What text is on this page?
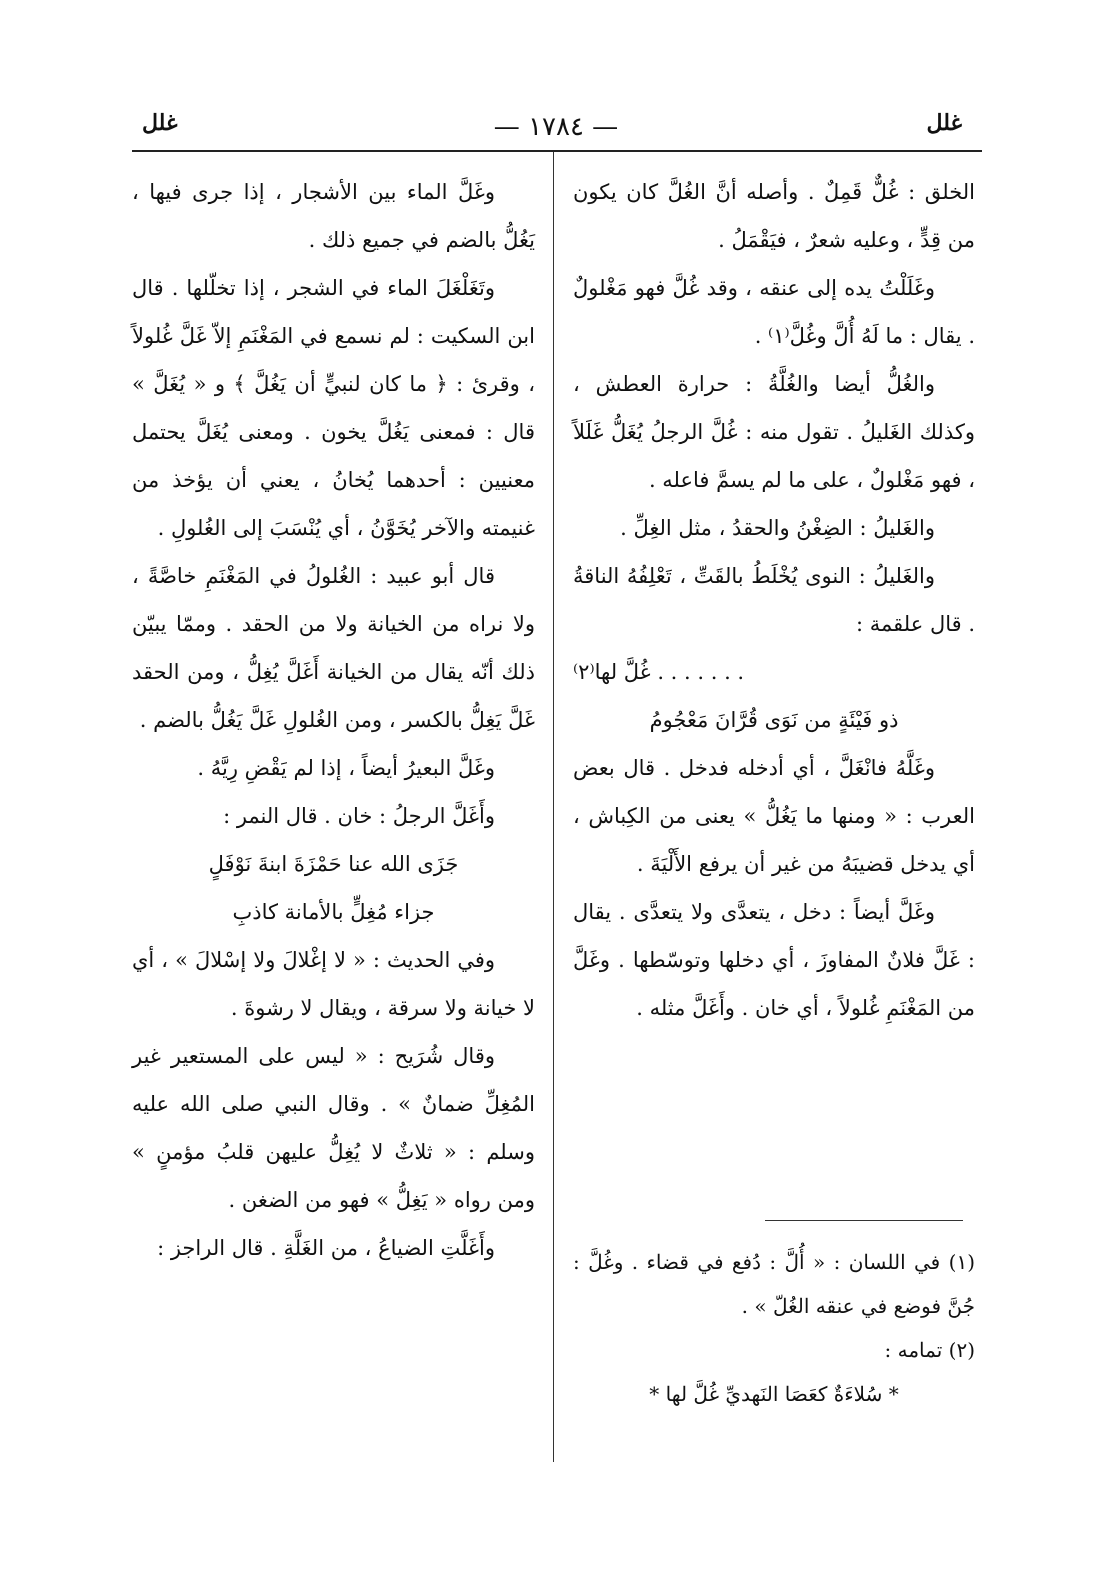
غلل
— ١٧٨٤ —
غلل

الخلق : غُلٌّ قَمِلٌ . وأصله أنَّ الغُلَّ كان يكون من قِدٍّ ، وعليه شعرٌ ، فيَقْمَلُ .

وغَلَلْتُ يده إلى عنقه ، وقد غُلَّ فهو مَغْلولٌ . يقال : ما لَهُ أُلَّ وغُلَّ⁽١⁾ .

والغُلُّ أيضا والغُلَّةُ : حرارة العطش ، وكذلك الغَليلُ . تقول منه : غُلَّ الرجلُ يُغَلُّ غَلَلاً ، فهو مَغْلولٌ ، على ما لم يسمَّ فاعله .

والغَليلُ : الضِغْنُ والحقدُ ، مثل الغِلِّ .

والغَليلُ : النوى يُخْلَطُ بالقَتِّ ، تَعْلِفُهُ الناقةُ . قال علقمة :

. . . . . . . غُلَّ لها⁽٢⁾

ذو فَيْئَةٍ من نَوَى قُرَّانَ مَعْجُومُ

وغَلَّهُ فانْغَلَّ ، أي أدخله فدخل . قال بعض العرب : « ومنها ما يَغُلُّ » يعنى من الكِباش ، أي يدخل قضيبَهُ من غير أن يرفع الأَلْيَةَ .

وغَلَّ أيضاً : دخل ، يتعدَّى ولا يتعدَّى . يقال : غَلَّ فلانٌ المفاوزَ ، أي دخلها وتوسّطها . وغَلَّ من المَغْنَمِ غُلولاً ، أي خان . وأَغَلَّ مثله .

وغَلَّ الماء بين الأشجار ، إذا جرى فيها ، يَغُلُّ بالضم في جميع ذلك .

وتَغَلْغَلَ الماء في الشجر ، إذا تخلّلها . قال ابن السكيت : لم نسمع في المَغْنَمِ إلاّ غَلَّ غُلولاً ، وقرئ : ﴿ ما كان لنبيٍّ أن يَغُلَّ ﴾ و « يُغَلَّ » قال : فمعنى يَغُلَّ يخون . ومعنى يُغَلَّ يحتمل معنيين : أحدهما يُخانُ ، يعني أن يؤخذ من غنيمته والآخر يُخَوَّنُ ، أي يُنْسَبَ إلى الغُلولِ .

قال أبو عبيد : الغُلولُ في المَغْنَمِ خاصَّةً ، ولا نراه من الخيانة ولا من الحقد . وممّا يبيّن ذلك أنّه يقال من الخيانة أَغَلَّ يُغِلُّ ، ومن الحقد غَلَّ يَغِلُّ بالكسر ، ومن الغُلولِ غَلَّ يَغُلُّ بالضم .

وغَلَّ البعيرُ أيضاً ، إذا لم يَقْضِ رِيَّهُ .

وأَغَلَّ الرجلُ : خان . قال النمر :

جَزَى الله عنا حَمْزَةَ ابنةَ نَوْفَلٍ

جزاء مُغِلٍّ بالأمانة كاذبِ

وفي الحديث : « لا إغْلالَ ولا إسْلالَ » ، أي لا خيانة ولا سرقة ، ويقال لا رشوةَ .

وقال شُرَيح : « ليس على المستعير غير المُغِلِّ ضمانٌ » . وقال النبي صلى الله عليه وسلم : « ثلاثٌ لا يُغِلُّ عليهن قلبُ مؤمنٍ » ومن رواه « يَغِلُّ » فهو من الضغن .

وأَغَلَّتِ الضياعُ ، من الغَلَّةِ . قال الراجز :

(١) في اللسان : « أُلَّ : دُفع في قضاء . وغُلَّ : جُنَّ فوضع في عنقه الغُلّ » .

(٢) تمامه :

* سُلاءَةٌ كعَصَا النَهديِّ غُلَّ لها *
